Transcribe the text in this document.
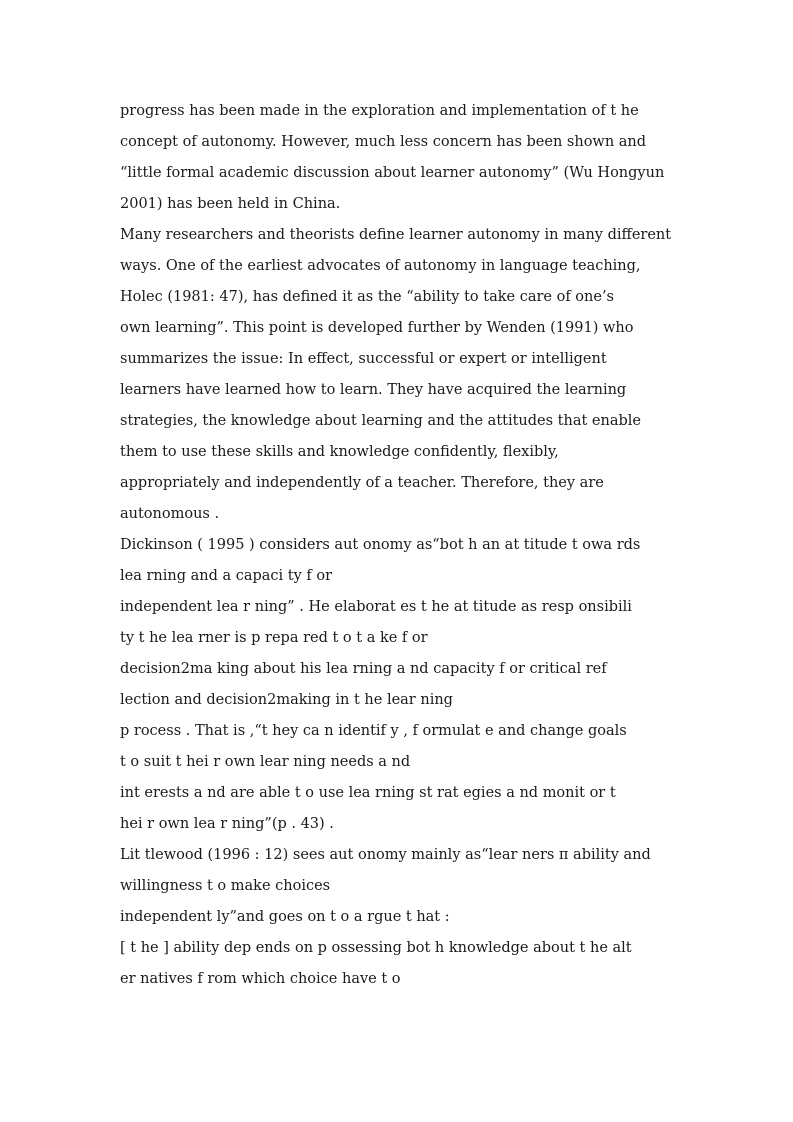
progress has been made in the exploration and implementation of t he
concept of autonomy. However, much less concern has been shown and
“little formal academic discussion about learner autonomy” (Wu Hongyun
2001) has been held in China.
Many researchers and theorists define learner autonomy in many different
ways. One of the earliest advocates of autonomy in language teaching,
Holec (1981: 47), has defined it as the “ability to take care of one’s
own learning”. This point is developed further by Wenden (1991) who
summarizes the issue: In effect, successful or expert or intelligent
learners have learned how to learn. They have acquired the learning
strategies, the knowledge about learning and the attitudes that enable
them to use these skills and knowledge confidently, flexibly,
appropriately and independently of a teacher. Therefore, they are
autonomous .
Dickinson ( 1995 ) considers aut onomy as“bot h an at titude t owa rds
lea rning and a capaci ty f or
independent lea r ning” . He elaborat es t he at titude as resp onsibili
ty t he lea rner is p repa red t o t a ke f or
decision2ma king about his lea rning a nd capacity f or critical ref
lection and decision2making in t he lear ning
p rocess . That is ,“t hey ca n identif y , f ormulat e and change goals
t o suit t hei r own lear ning needs a nd
int erests a nd are able t o use lea rning st rat egies a nd monit or t
hei r own lea r ning”(p . 43) .
Lit tlewood (1996 : 12) sees aut onomy mainly as“lear ners π ability and
willingness t o make choices
independent ly”and goes on t o a rgue t hat :
[ t he ] ability dep ends on p ossessing bot h knowledge about t he alt
er natives f rom which choice have t o
